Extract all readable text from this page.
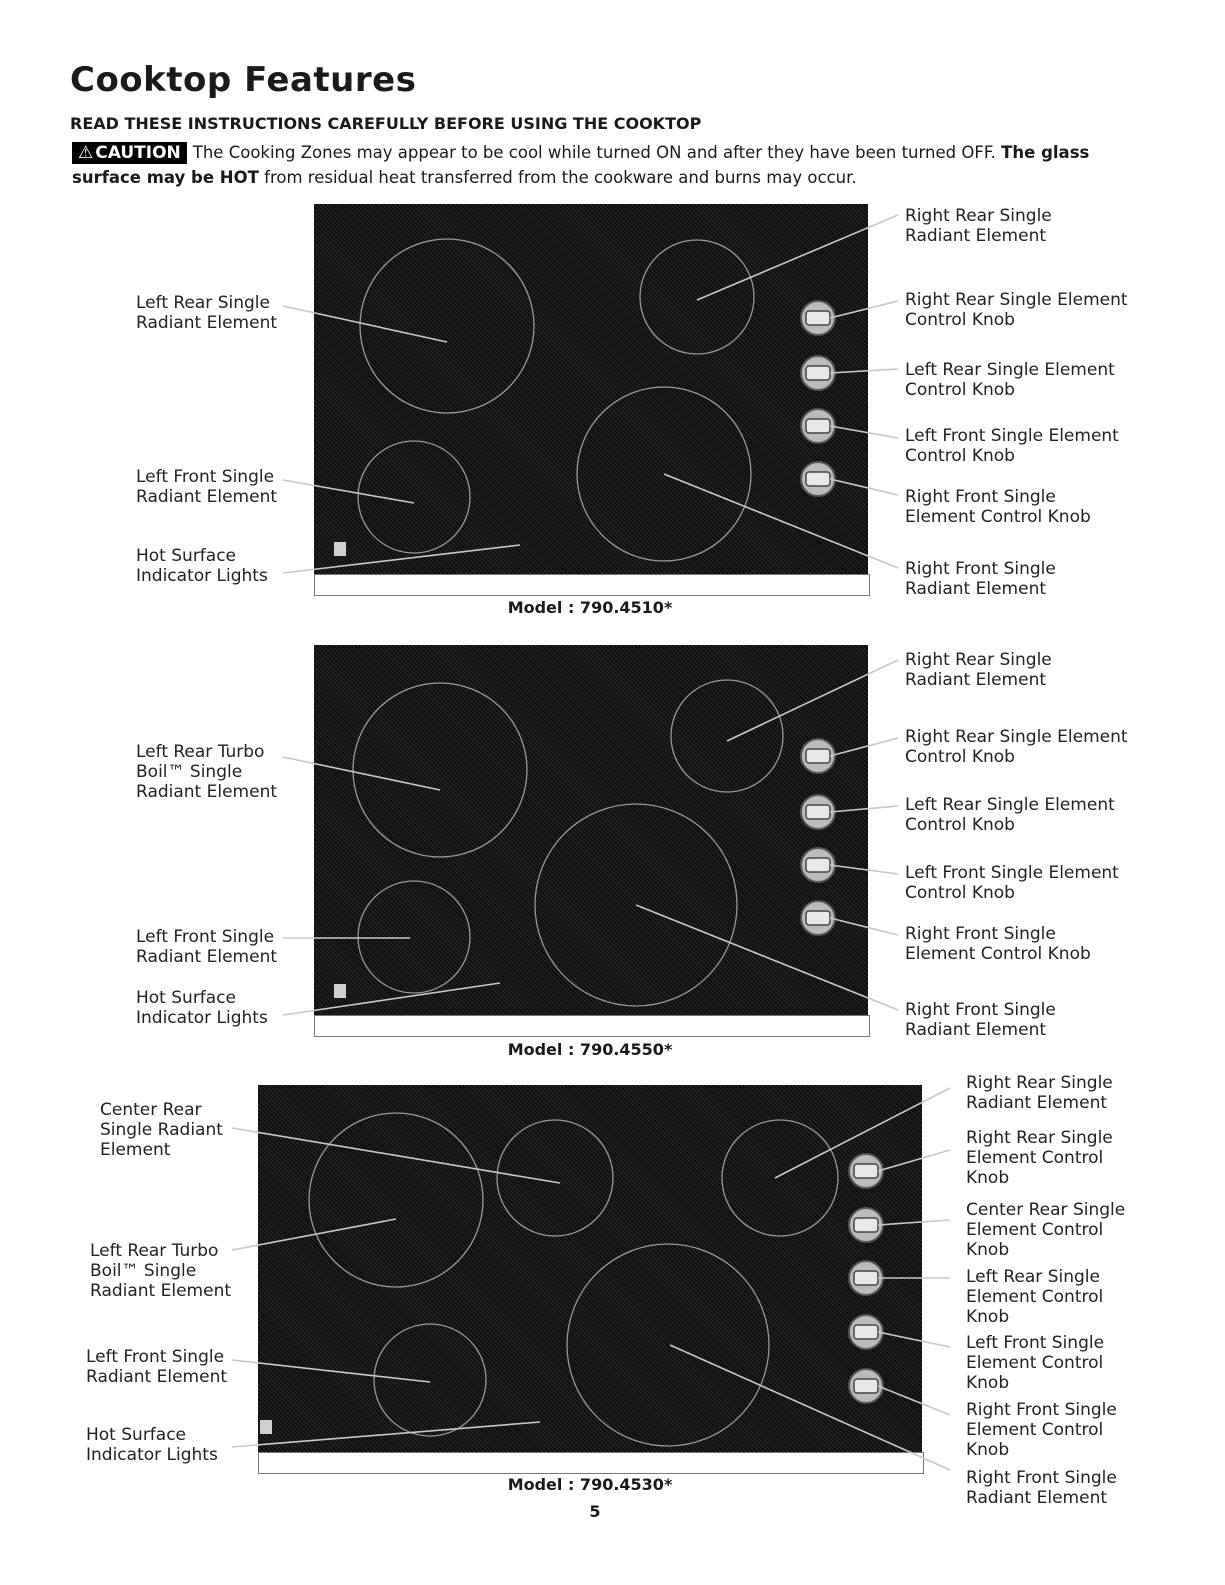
Cooktop Features
READ THESE INSTRUCTIONS CAREFULLY BEFORE USING THE COOKTOP

⚠ CAUTION The Cooking Zones may appear to be cool while turned ON and after they have been turned OFF. The glass surface may be HOT from residual heat transferred from the cookware and burns may occur.

Left Rear Single
Radiant Element
Left Front Single
Radiant Element
Hot Surface
Indicator Lights
Right Rear Single
Radiant Element
Right Rear Single Element
Control Knob
Left Rear Single Element
Control Knob
Left Front Single Element
Control Knob
Right Front Single
Element Control Knob
Right Front Single
Radiant Element
Model : 790.4510*
Left Rear Turbo
Boil™ Single
Radiant Element
Left Front Single
Radiant Element
Hot Surface
Indicator Lights
Right Rear Single
Radiant Element
Right Rear Single Element
Control Knob
Left Rear Single Element
Control Knob
Left Front Single Element
Control Knob
Right Front Single
Element Control Knob
Right Front Single
Radiant Element
Model : 790.4550*
Center Rear
Single Radiant
Element
Left Rear Turbo
Boil™ Single
Radiant Element
Left Front Single
Radiant Element
Hot Surface
Indicator Lights
Right Rear Single
Radiant Element
Right Rear Single
Element Control
Knob
Center Rear Single
Element Control
Knob
Left Rear Single
Element Control
Knob
Left Front Single
Element Control
Knob
Right Front Single
Element Control
Knob
Right Front Single
Radiant Element
Model : 790.4530*
5
